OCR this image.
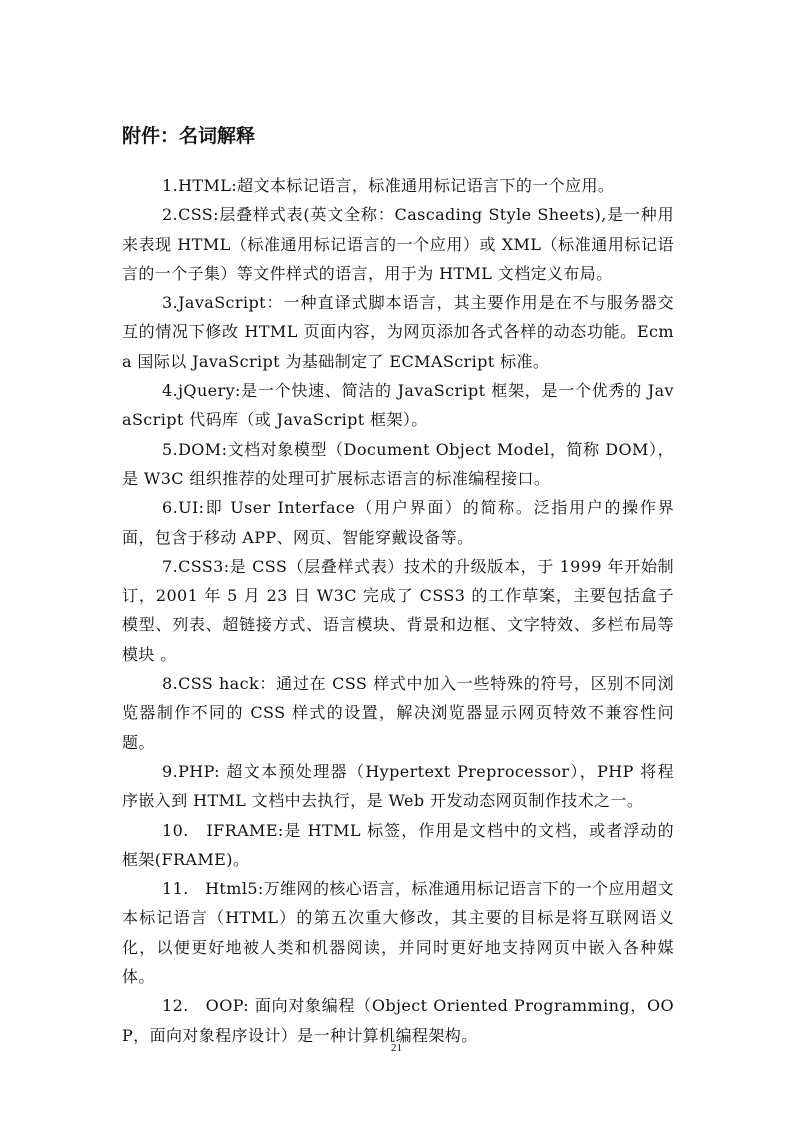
附件：名词解释

1.HTML:超文本标记语言，标准通用标记语言下的一个应用。

2.CSS:层叠样式表(英文全称：Cascading Style Sheets),是一种用来表现 HTML（标准通用标记语言的一个应用）或 XML（标准通用标记语言的一个子集）等文件样式的语言，用于为 HTML 文档定义布局。

3.JavaScript：一种直译式脚本语言，其主要作用是在不与服务器交互的情况下修改 HTML 页面内容，为网页添加各式各样的动态功能。Ecma 国际以 JavaScript 为基础制定了 ECMAScript 标准。

4.jQuery:是一个快速、简洁的 JavaScript 框架，是一个优秀的 JavaScript 代码库（或 JavaScript 框架）。

5.DOM:文档对象模型（Document Object Model，简称 DOM），是 W3C 组织推荐的处理可扩展标志语言的标准编程接口。

6.UI:即 User Interface（用户界面）的简称。泛指用户的操作界面，包含于移动 APP、网页、智能穿戴设备等。

7.CSS3:是 CSS（层叠样式表）技术的升级版本，于 1999 年开始制订，2001 年 5 月 23 日 W3C 完成了 CSS3 的工作草案，主要包括盒子模型、列表、超链接方式、语言模块、背景和边框、文字特效、多栏布局等模块 。

8.CSS hack：通过在 CSS 样式中加入一些特殊的符号，区别不同浏览器制作不同的 CSS 样式的设置，解决浏览器显示网页特效不兼容性问题。

9.PHP: 超文本预处理器（Hypertext Preprocessor），PHP 将程序嵌入到 HTML 文档中去执行，是 Web 开发动态网页制作技术之一。

10.　IFRAME:是 HTML 标签，作用是文档中的文档，或者浮动的框架(FRAME)。

11.　Html5:万维网的核心语言，标准通用标记语言下的一个应用超文本标记语言（HTML）的第五次重大修改，其主要的目标是将互联网语义化，以便更好地被人类和机器阅读，并同时更好地支持网页中嵌入各种媒体。

12.　OOP: 面向对象编程（Object Oriented Programming，OOP，面向对象程序设计）是一种计算机编程架构。

21
